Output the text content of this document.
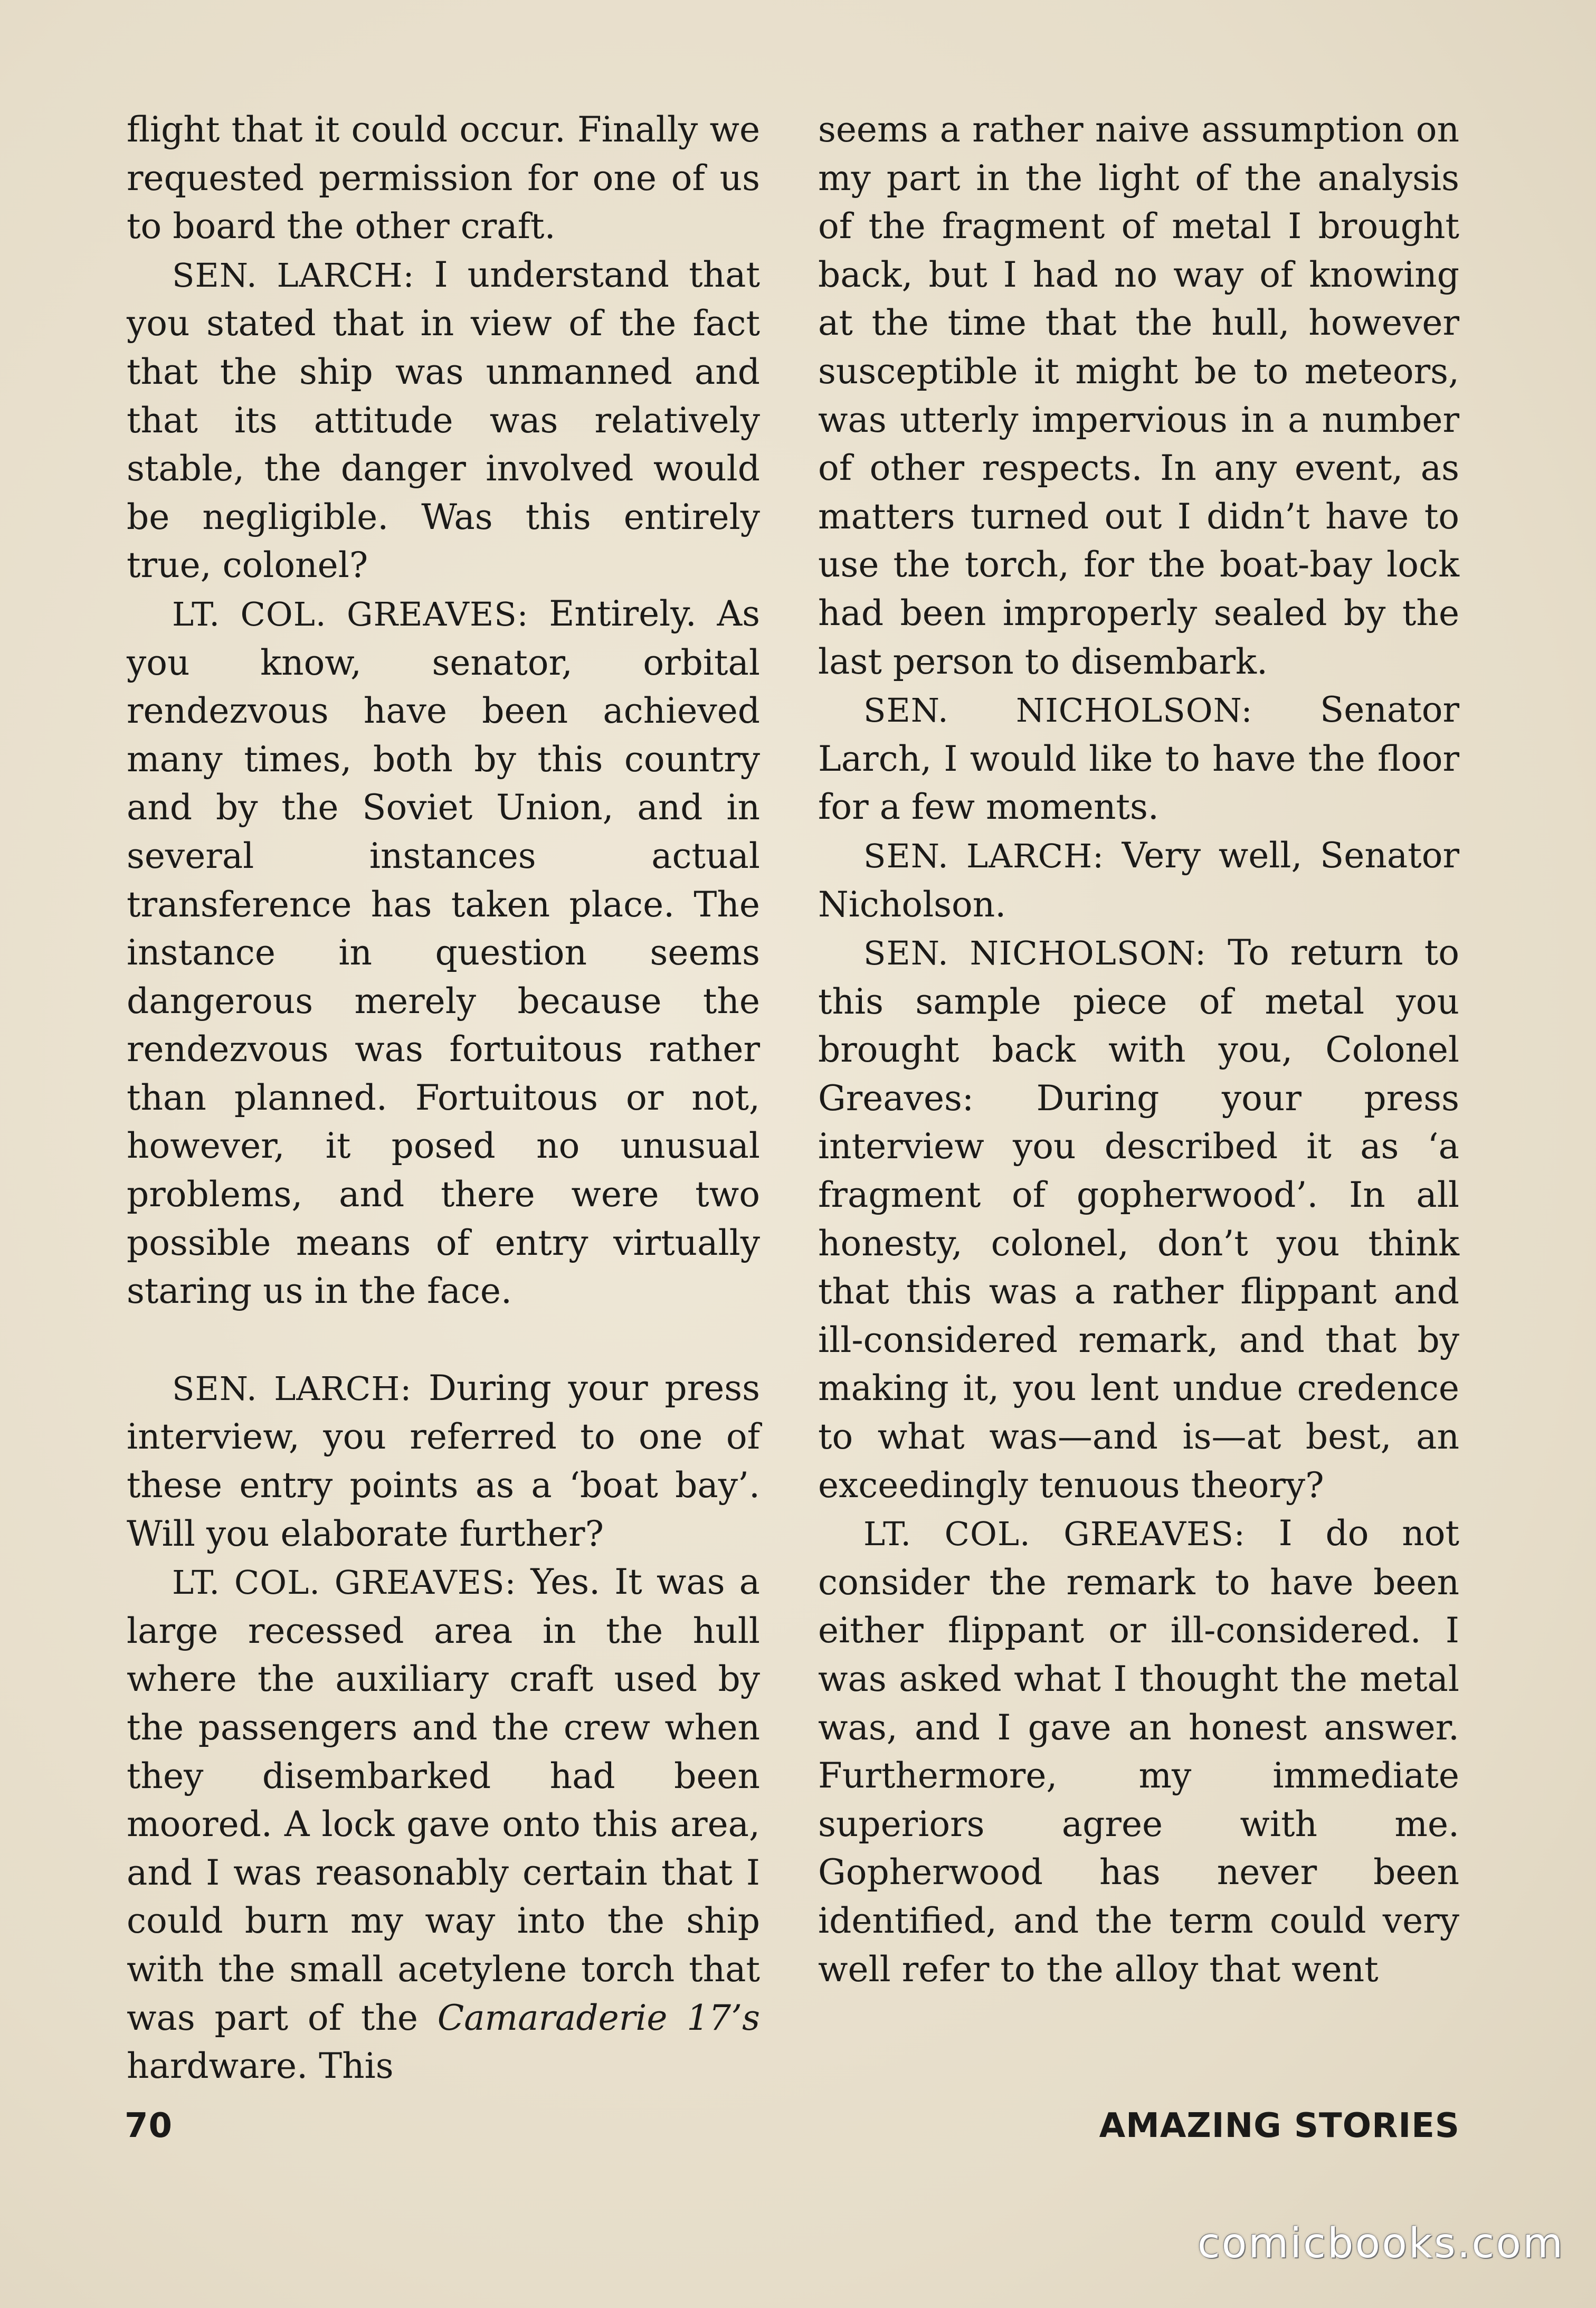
flight that it could occur. Finally we requested permission for one of us to board the other craft.

SEN. LARCH: I understand that you stated that in view of the fact that the ship was unmanned and that its attitude was relatively stable, the danger involved would be negligible. Was this entirely true, colonel?

LT. COL. GREAVES: Entirely. As you know, senator, orbital rendezvous have been achieved many times, both by this country and by the Soviet Union, and in several instances actual transference has taken place. The instance in question seems dangerous merely because the rendezvous was fortuitous rather than planned. Fortuitous or not, however, it posed no unusual problems, and there were two possible means of entry virtually staring us in the face.

SEN. LARCH: During your press interview, you referred to one of these entry points as a ‘boat bay’. Will you elaborate further?

LT. COL. GREAVES: Yes. It was a large recessed area in the hull where the auxiliary craft used by the passengers and the crew when they disembarked had been moored. A lock gave onto this area, and I was reasonably certain that I could burn my way into the ship with the small acetylene torch that was part of the Camaraderie 17’s hardware. This

seems a rather naive assumption on my part in the light of the analysis of the fragment of metal I brought back, but I had no way of knowing at the time that the hull, however susceptible it might be to meteors, was utterly impervious in a number of other respects. In any event, as matters turned out I didn’t have to use the torch, for the boat-bay lock had been improperly sealed by the last person to disembark.

SEN. NICHOLSON: Senator Larch, I would like to have the floor for a few moments.

SEN. LARCH: Very well, Senator Nicholson.

SEN. NICHOLSON: To return to this sample piece of metal you brought back with you, Colonel Greaves: During your press interview you described it as ‘a fragment of gopherwood’. In all honesty, colonel, don’t you think that this was a rather flippant and ill-considered remark, and that by making it, you lent undue credence to what was—and is—at best, an exceedingly tenuous theory?

LT. COL. GREAVES: I do not consider the remark to have been either flippant or ill-considered. I was asked what I thought the metal was, and I gave an honest answer. Furthermore, my immediate superiors agree with me. Gopherwood has never been identified, and the term could very well refer to the alloy that went

70	AMAZING STORIES
comicbooks.com
